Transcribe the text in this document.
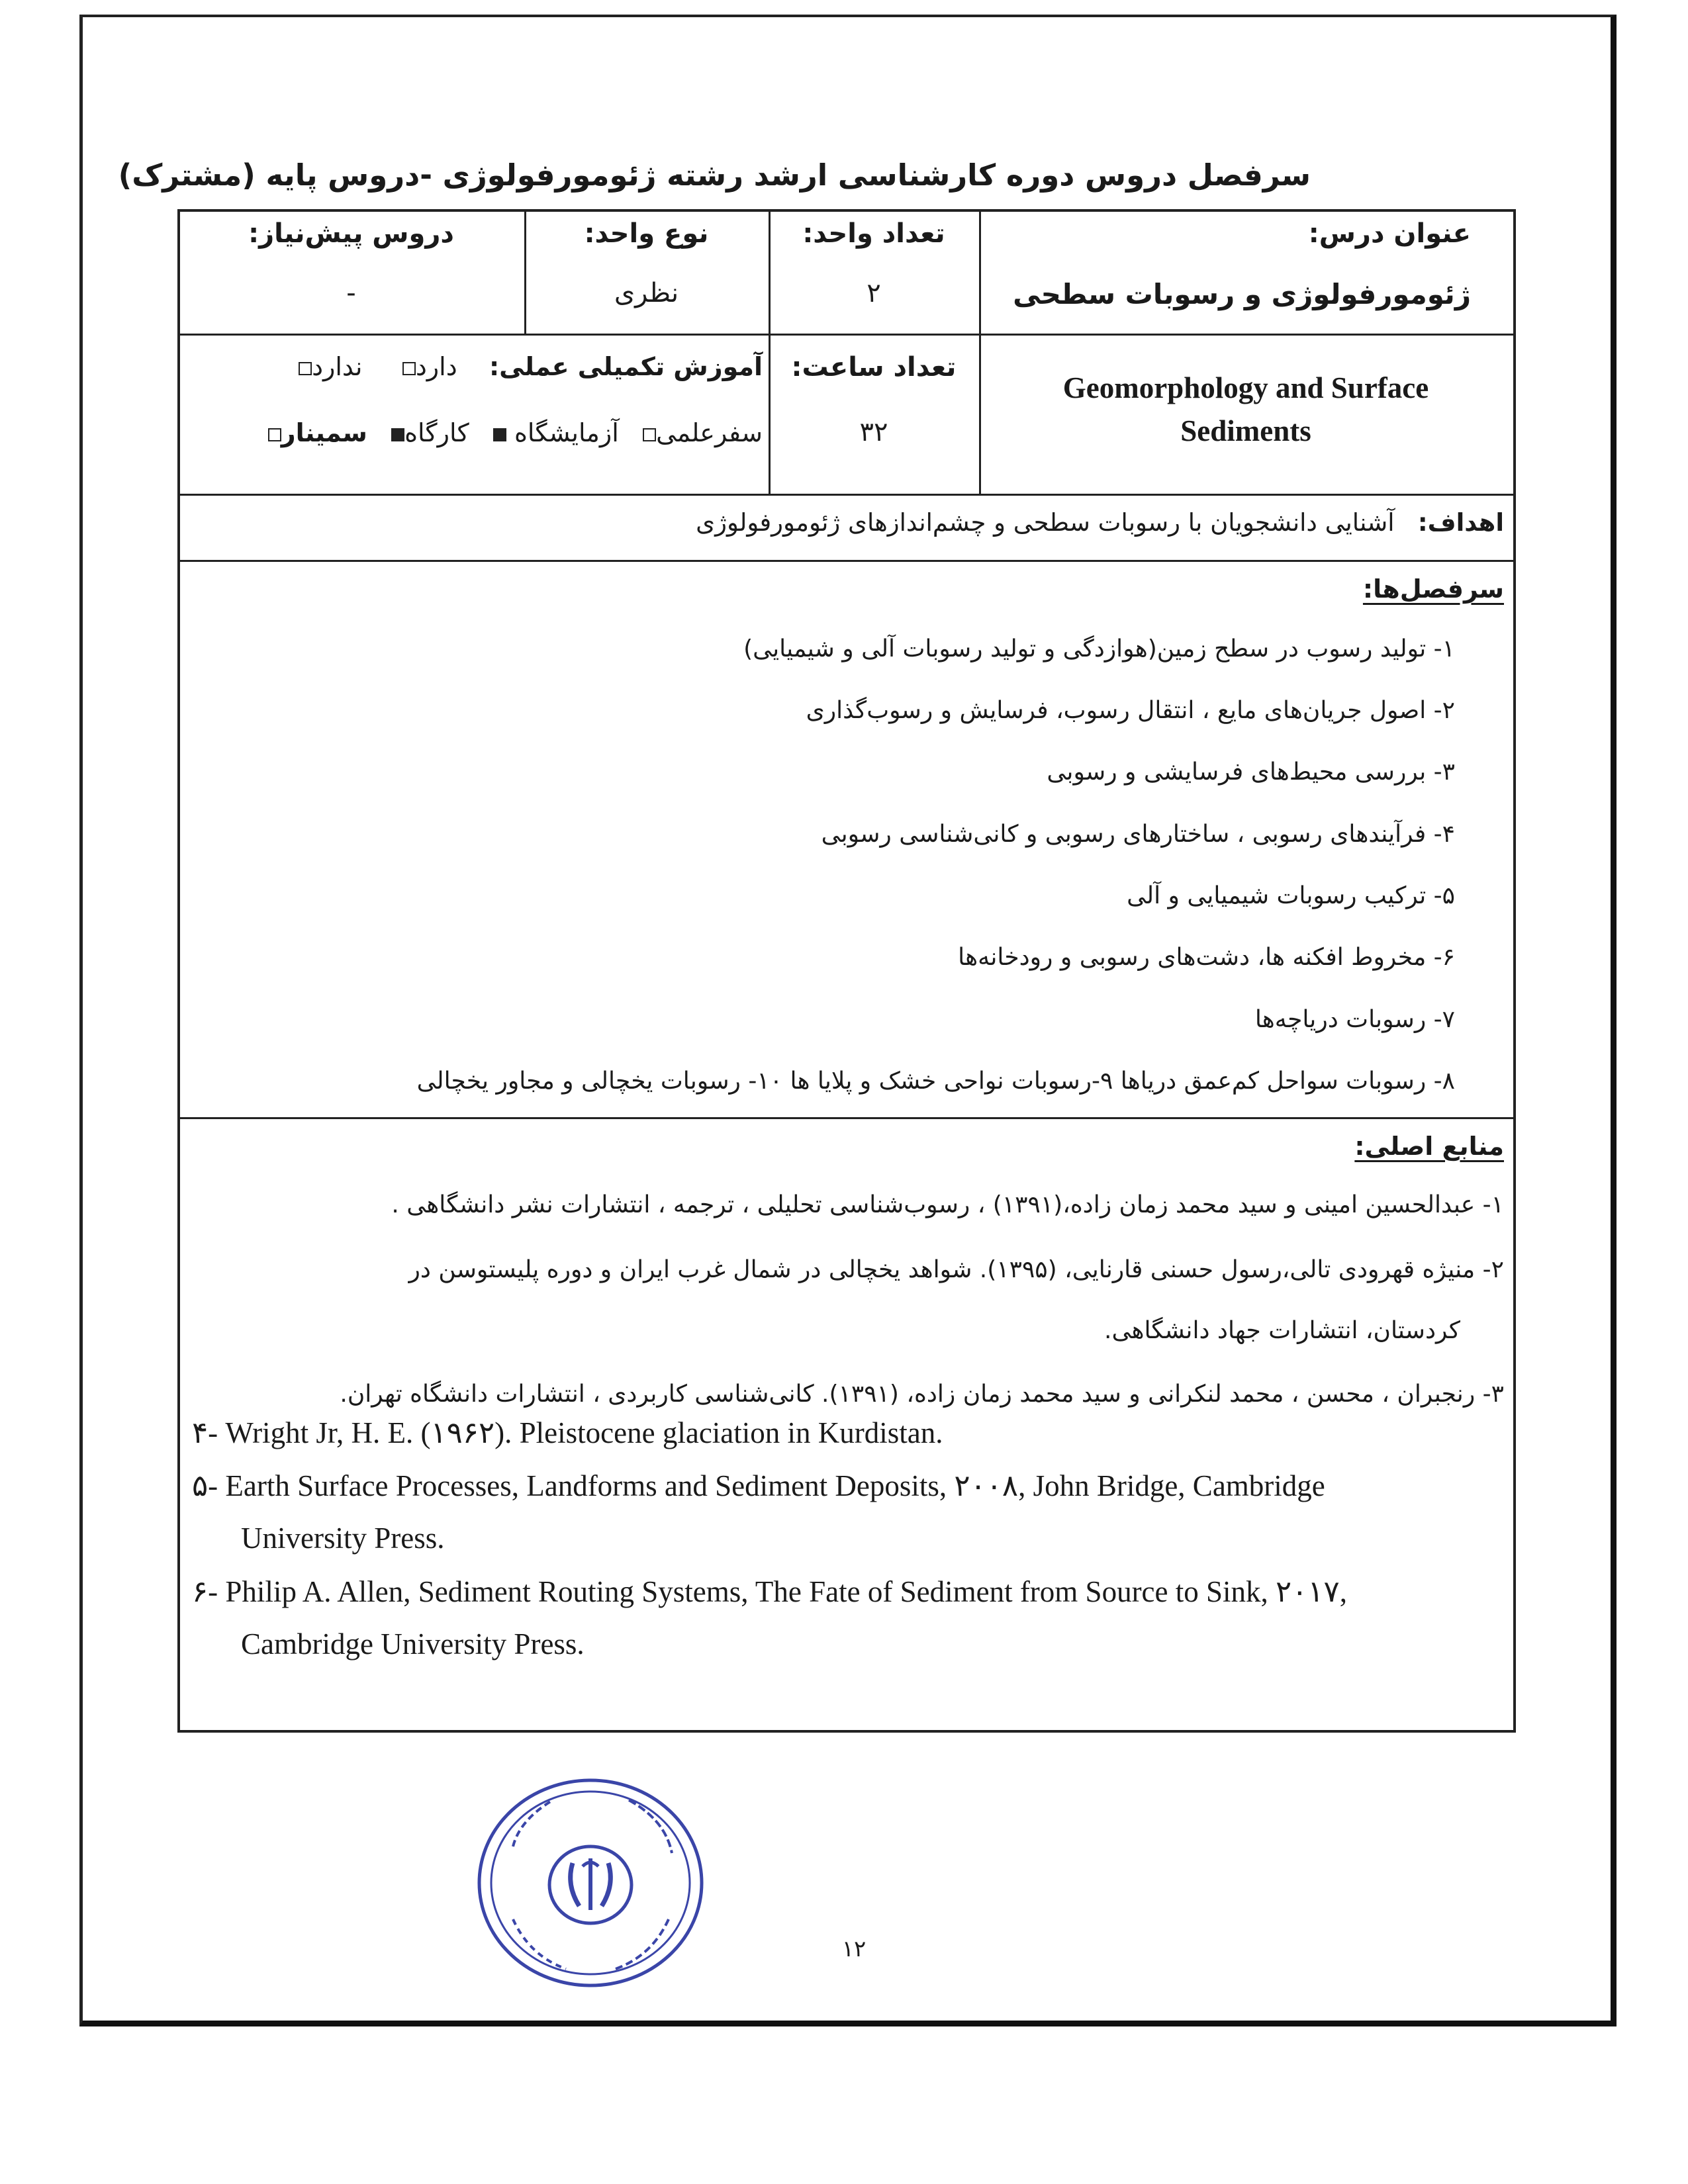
سرفصل دروس دوره کارشناسی ارشد رشته ژئومورفولوژی -دروس پایه (مشترک)
عنوان درس:
ژئومورفولوژی و رسوبات سطحی
تعداد واحد:
۲
نوع واحد:
نظری
دروس پیش‌نیاز:
-
Geomorphology and Surface
Sediments
تعداد ساعت:
۳۲
آموزش تکمیلی عملی:    دارد     ندارد
سفرعلمی   آزمایشگاه    کارگاه   سمینار
اهداف:   آشنایی دانشجویان با رسوبات سطحی و چشم‌اندازهای ژئومورفولوژی
سرفصل‌ها:
۱- تولید رسوب در سطح زمین(هوازدگی و تولید رسوبات آلی و شیمیایی)
۲- اصول جریان‌های مایع ، انتقال رسوب، فرسایش و رسوب‌گذاری
۳- بررسی محیط‌های فرسایشی و رسوبی
۴- فرآیندهای رسوبی ، ساختارهای رسوبی و کانی‌شناسی رسوبی
۵- ترکیب رسوبات شیمیایی و آلی
۶- مخروط افکنه ها، دشت‌های رسوبی و رودخانه‌ها
۷- رسوبات دریاچه‌ها
۸- رسوبات سواحل کم‌عمق دریاها ۹-رسوبات نواحی خشک و پلایا ها ۱۰- رسوبات یخچالی و مجاور یخچالی
منابع اصلی:
۱- عبدالحسین امینی و سید محمد زمان زاده،(۱۳۹۱) ، رسوب‌شناسی تحلیلی ، ترجمه ، انتشارات نشر دانشگاهی .
۲- منیژه قهرودی تالی،رسول حسنی قارنایی، (۱۳۹۵). شواهد یخچالی در شمال غرب ایران و دوره پلیستوسن در
کردستان، انتشارات جهاد دانشگاهی.
۳- رنجبران ، محسن ، محمد لنکرانی و سید محمد زمان زاده، (۱۳۹۱). کانی‌شناسی کاربردی ، انتشارات دانشگاه تهران.
۴- Wright Jr, H. E. (۱۹۶۲). Pleistocene glaciation in Kurdistan.
۵- Earth Surface Processes, Landforms and Sediment Deposits, ۲۰۰۸, John Bridge, Cambridge
University Press.
۶- Philip A. Allen, Sediment Routing Systems, The Fate of Sediment from Source to Sink, ۲۰۱۷,
Cambridge University Press.
۱۲
